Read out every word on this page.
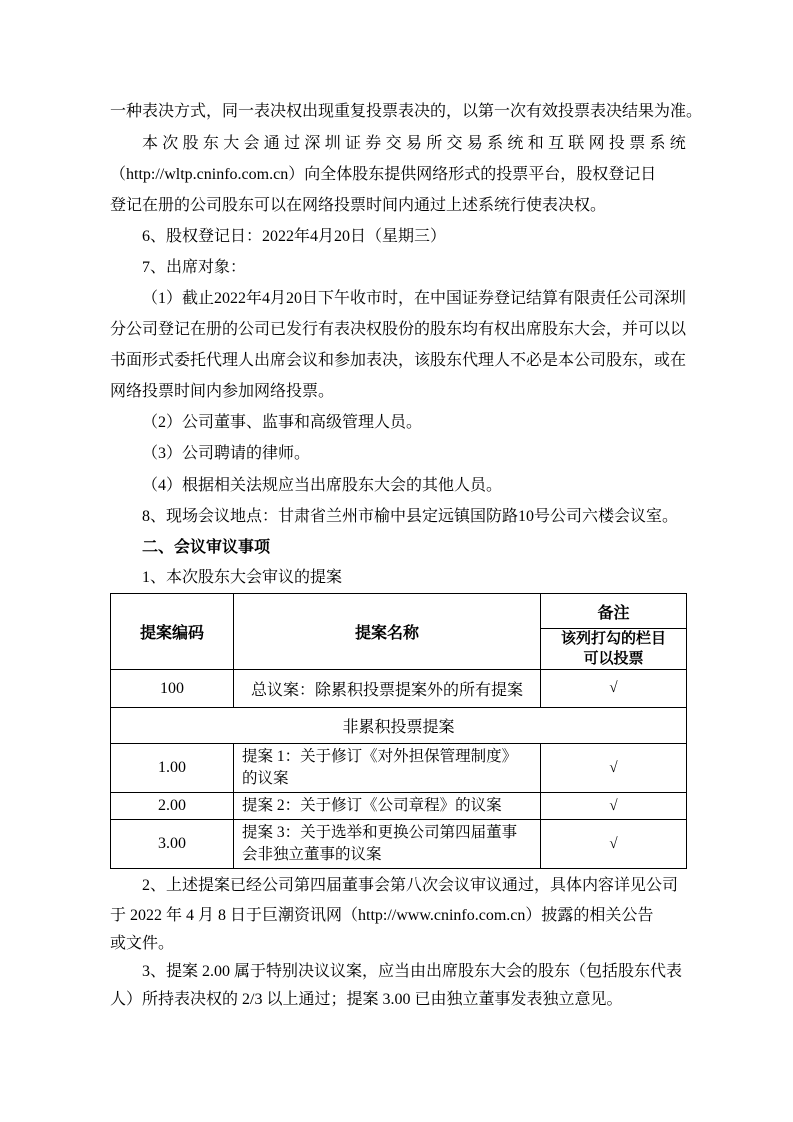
一种表决方式，同一表决权出现重复投票表决的，以第一次有效投票表决结果为准。
本次股东大会通过深圳证券交易所交易系统和互联网投票系统
（http://wltp.cninfo.com.cn）向全体股东提供网络形式的投票平台，股权登记日
登记在册的公司股东可以在网络投票时间内通过上述系统行使表决权。
6、股权登记日：2022年4月20日（星期三）
7、出席对象：
（1）截止2022年4月20日下午收市时，在中国证券登记结算有限责任公司深圳
分公司登记在册的公司已发行有表决权股份的股东均有权出席股东大会，并可以以
书面形式委托代理人出席会议和参加表决，该股东代理人不必是本公司股东，或在
网络投票时间内参加网络投票。
（2）公司董事、监事和高级管理人员。
（3）公司聘请的律师。
（4）根据相关法规应当出席股东大会的其他人员。
8、现场会议地点：甘肃省兰州市榆中县定远镇国防路10号公司六楼会议室。
二、会议审议事项
1、本次股东大会审议的提案
提案编码	提案名称	备注

		该列打勾的栏目
可以投票

100	总议案：除累积投票提案外的所有提案	√
非累积投票提案		
1.00	提案 1：关于修订《对外担保管理制度》的议案	√
2.00	提案 2：关于修订《公司章程》的议案	√
3.00	提案 3：关于选举和更换公司第四届董事会非独立董事的议案	√
2、上述提案已经公司第四届董事会第八次会议审议通过，具体内容详见公司
于 2022 年 4 月 8 日于巨潮资讯网（http://www.cninfo.com.cn）披露的相关公告
或文件。
3、提案 2.00 属于特别决议议案，应当由出席股东大会的股东（包括股东代表
人）所持表决权的 2/3 以上通过；提案 3.00 已由独立董事发表独立意见。
